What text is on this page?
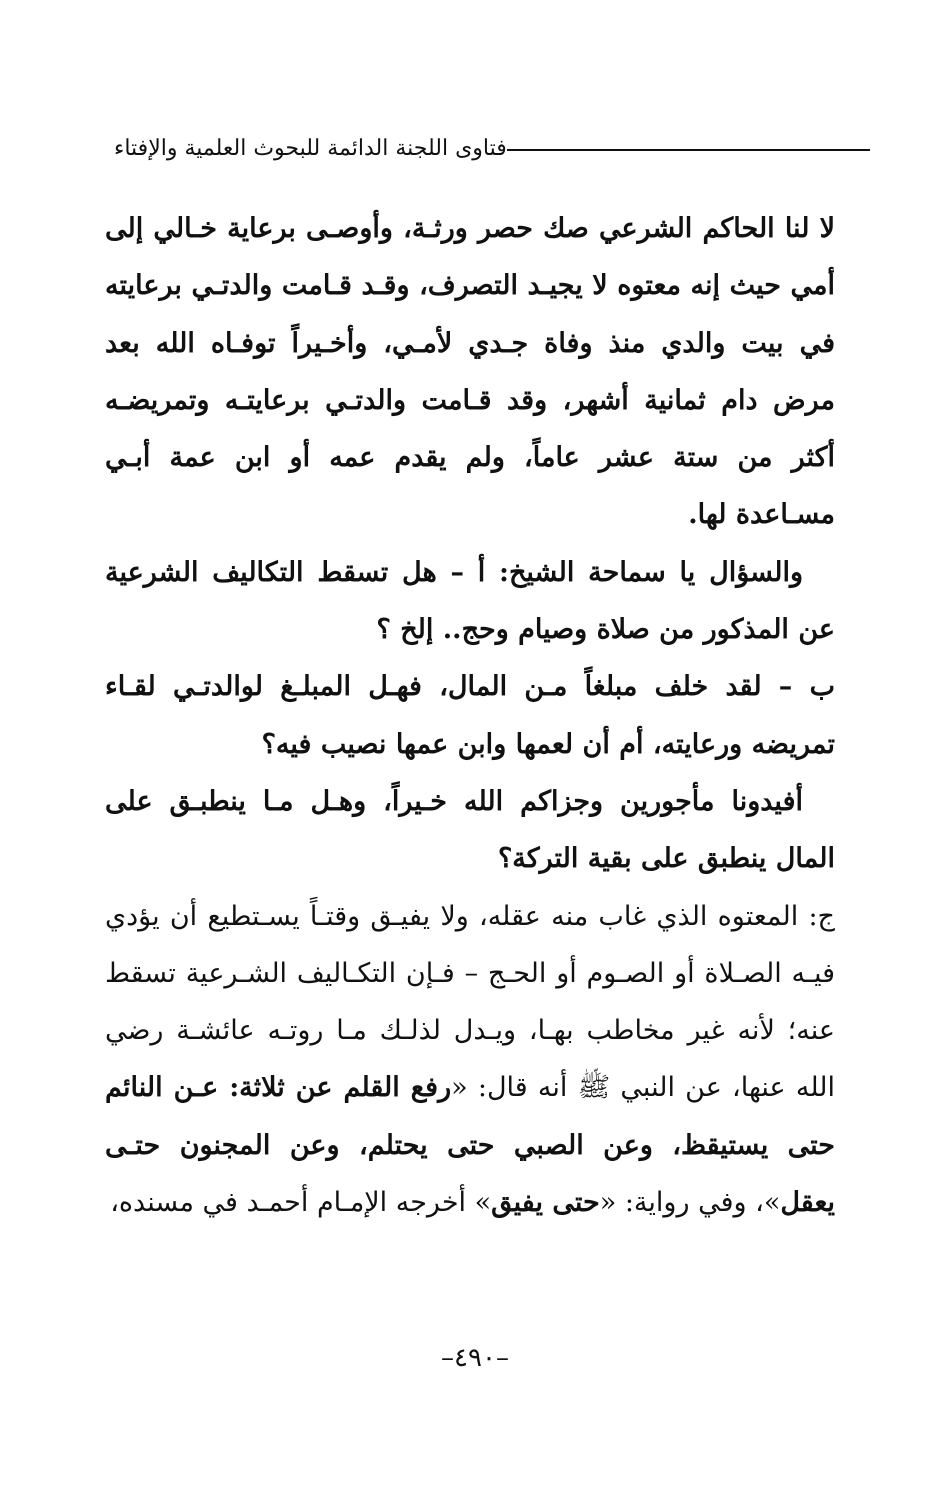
فتاوى اللجنة الدائمة للبحوث العلمية والإفتاء

لا لنا الحاكم الشرعي صك حصر ورثـة، وأوصـى برعاية خـالي إلى أمي حيث إنه معتوه لا يجيـد التصرف، وقـد قـامت والدتـي برعايته في بيت والدي منذ وفاة جـدي لأمـي، وأخـيراً توفـاه الله بعد مرض دام ثمانية أشهر، وقد قـامت والدتـي برعايتـه وتمريضـه أكثر من ستة عشر عاماً، ولم يقدم عمه أو ابن عمة أبـي مسـاعدة لها.

والسؤال يا سماحة الشيخ: أ – هل تسقط التكاليف الشرعية عن المذكور من صلاة وصيام وحج.. إلخ ؟

ب – لقد خلف مبلغاً مـن المال، فهـل المبلـغ لوالدتـي لقـاء تمريضه ورعايته، أم أن لعمها وابن عمها نصيب فيه؟

أفيدونا مأجورين وجزاكم الله خـيراً، وهـل مـا ينطبـق على المال ينطبق على بقية التركة؟

ج: المعتوه الذي غاب منه عقله، ولا يفيـق وقتـاً يسـتطيع أن يؤدي فيـه الصـلاة أو الصـوم أو الحـج – فـإن التكـاليف الشـرعية تسقط عنه؛ لأنه غير مخاطب بهـا، ويـدل لذلـك مـا روتـه عائشـة رضي الله عنها، عن النبي ﷺ أنه قال: «رفع القلم عن ثلاثة: عـن النائم حتى يستيقظ، وعن الصبي حتى يحتلم، وعن المجنون حتـى يعقل»، وفي رواية: «حتى يفيق» أخرجه الإمـام أحمـد في مسنده،

–٤٩٠–
